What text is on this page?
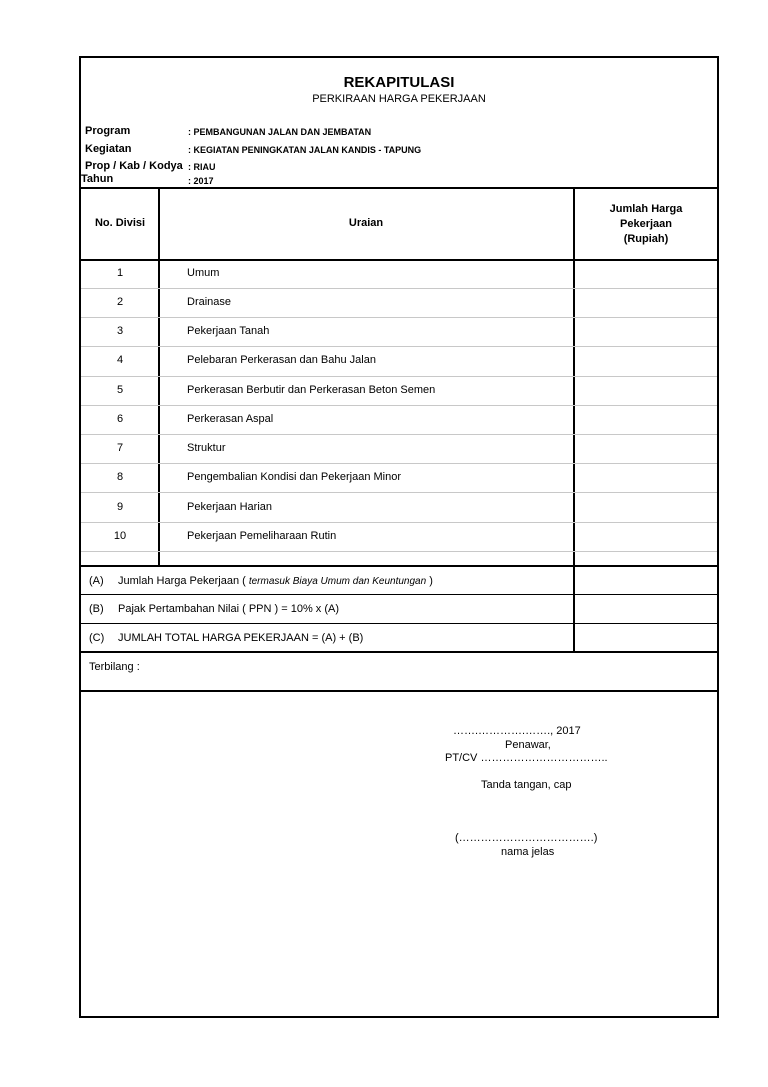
REKAPITULASI
PERKIRAAN HARGA PEKERJAAN
Program	: PEMBANGUNAN JALAN DAN JEMBATAN
Kegiatan	: KEGIATAN PENINGKATAN JALAN KANDIS - TAPUNG
Prop / Kab / Kodya : RIAU
Tahun	: 2017
No. Divisi	Uraian
Jumlah Harga
Pekerjaan
(Rupiah)
1	Umum
2	Drainase
3	Pekerjaan Tanah
4	Pelebaran Perkerasan dan Bahu Jalan
5	Perkerasan Berbutir dan Perkerasan Beton Semen
6	Perkerasan Aspal
7	Struktur
8	Pengembalian Kondisi dan Pekerjaan Minor
9	Pekerjaan Harian
10	Pekerjaan Pemeliharaan Rutin
(A) Jumlah Harga Pekerjaan ( termasuk Biaya Umum dan Keuntungan )
(B) Pajak Pertambahan Nilai ( PPN ) = 10% x (A)
(C) JUMLAH TOTAL HARGA PEKERJAAN = (A) + (B)
Terbilang :
…….………….……., 2017
Penawar,
PT/CV ……………………………..
Tanda tangan, cap
(……………………………….)
nama jelas
